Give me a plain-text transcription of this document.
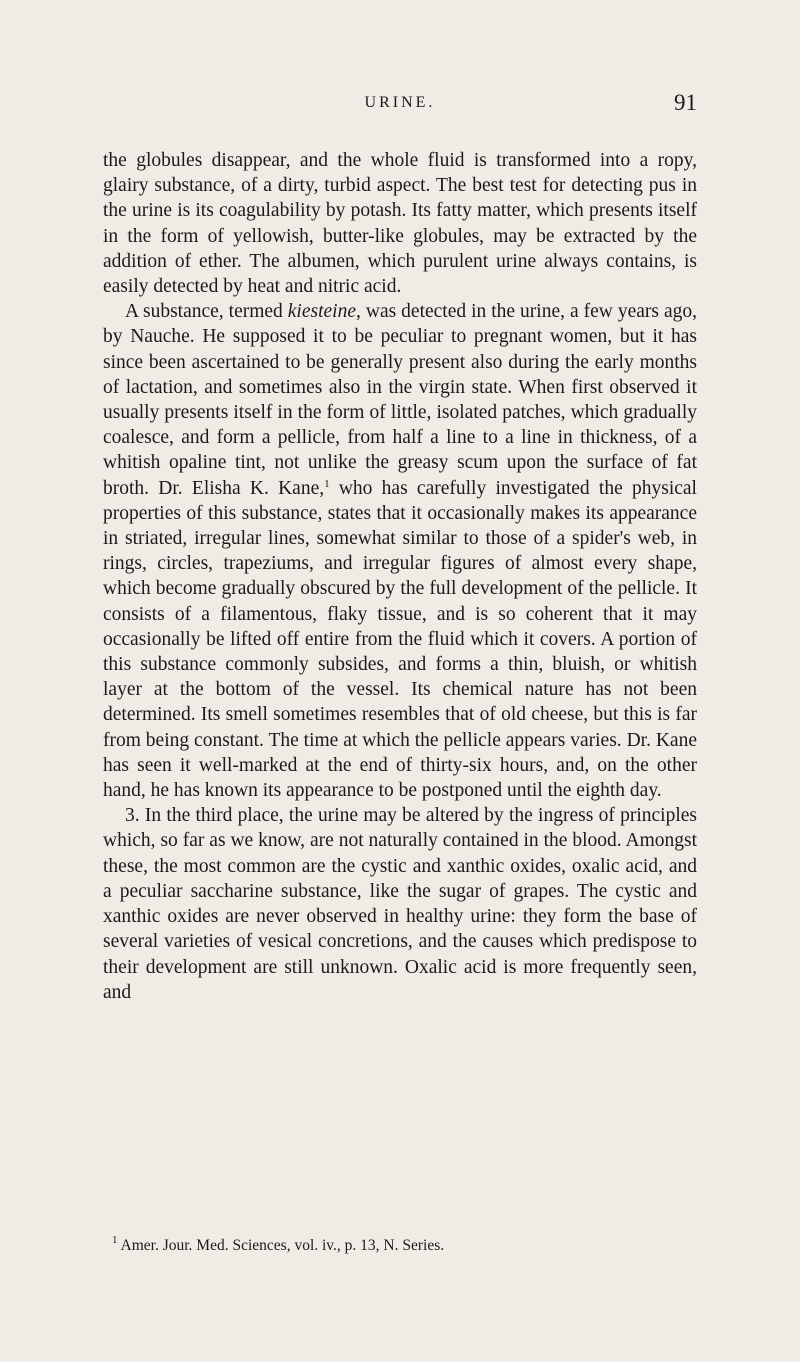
URINE.	91

the globules disappear, and the whole fluid is transformed into a ropy, glairy substance, of a dirty, turbid aspect. The best test for detecting pus in the urine is its coagulability by potash. Its fatty matter, which presents itself in the form of yellowish, butter-like globules, may be extracted by the addition of ether. The albumen, which purulent urine always contains, is easily detected by heat and nitric acid.

A substance, termed kiesteine, was detected in the urine, a few years ago, by Nauche. He supposed it to be peculiar to pregnant women, but it has since been ascertained to be generally present also during the early months of lactation, and sometimes also in the virgin state. When first observed it usually presents itself in the form of little, isolated patches, which gradually coalesce, and form a pellicle, from half a line to a line in thickness, of a whitish opaline tint, not unlike the greasy scum upon the surface of fat broth. Dr. Elisha K. Kane,$^1$ who has carefully investigated the physical properties of this substance, states that it occasionally makes its appearance in striated, irregular lines, somewhat similar to those of a spider's web, in rings, circles, trapeziums, and irregular figures of almost every shape, which become gradually obscured by the full development of the pellicle. It consists of a filamentous, flaky tissue, and is so coherent that it may occasionally be lifted off entire from the fluid which it covers. A portion of this substance commonly subsides, and forms a thin, bluish, or whitish layer at the bottom of the vessel. Its chemical nature has not been determined. Its smell sometimes resembles that of old cheese, but this is far from being constant. The time at which the pellicle appears varies. Dr. Kane has seen it well-marked at the end of thirty-six hours, and, on the other hand, he has known its appearance to be postponed until the eighth day.

3. In the third place, the urine may be altered by the ingress of principles which, so far as we know, are not naturally contained in the blood. Amongst these, the most common are the cystic and xanthic oxides, oxalic acid, and a peculiar saccharine substance, like the sugar of grapes. The cystic and xanthic oxides are never observed in healthy urine: they form the base of several varieties of vesical concretions, and the causes which predispose to their development are still unknown. Oxalic acid is more frequently seen, and

$^1$ Amer. Jour. Med. Sciences, vol. iv., p. 13, N. Series.
